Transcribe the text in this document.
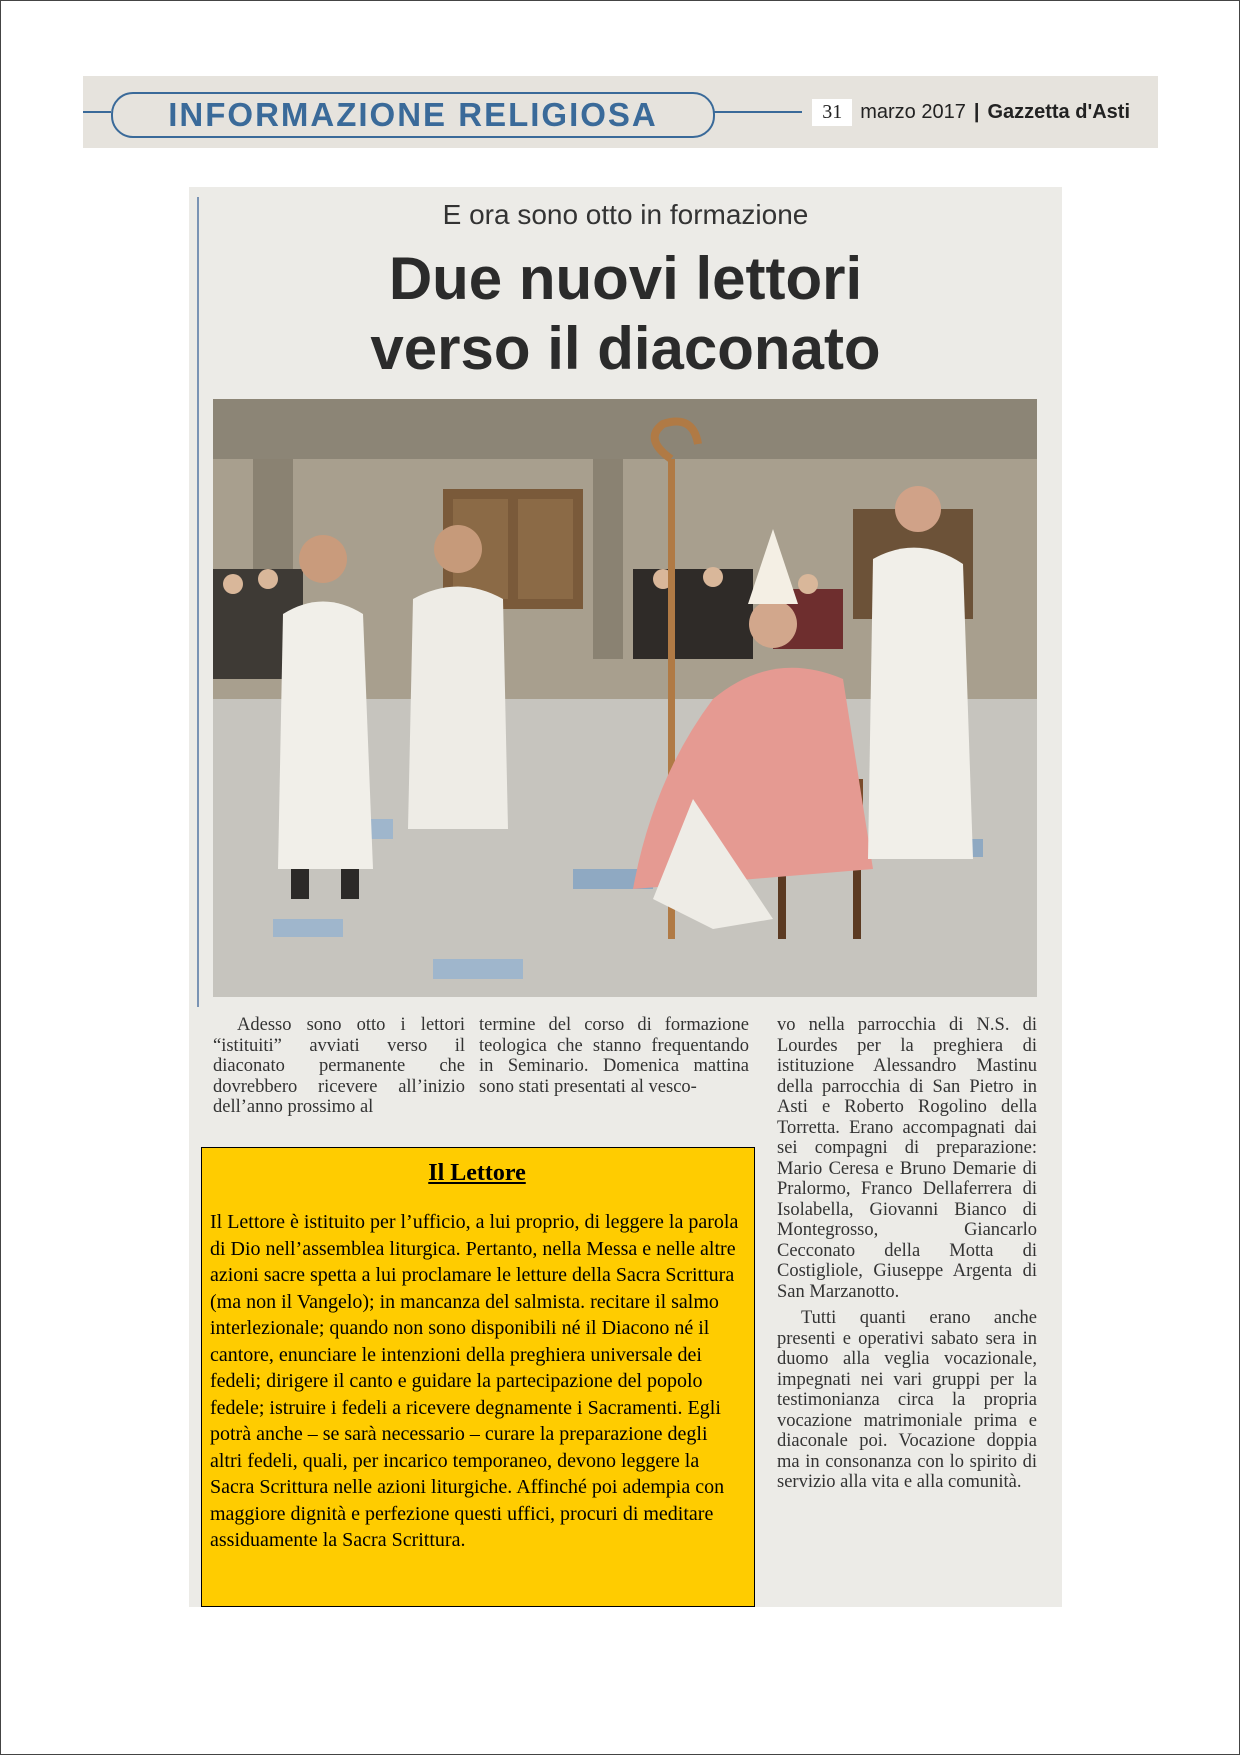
INFORMAZIONE RELIGIOSA	31 marzo 2017 | Gazzetta d'Asti
E ora sono otto in formazione
Due nuovi lettori
verso il diaconato

Adesso sono otto i lettori “istituiti” avviati verso il diaconato permanente che dovrebbero ricevere all’inizio dell’anno prossimo al

termine del corso di formazione teologica che stanno frequentando in Seminario. Domenica mattina sono stati presentati al vesco-

vo nella parrocchia di N.S. di Lourdes per la preghiera di istituzione Alessandro Mastinu della parrocchia di San Pietro in Asti e Roberto Rogolino della Torretta. Erano accompagnati dai sei compagni di preparazione: Mario Ceresa e Bruno Demarie di Pralormo, Franco Dellaferrera di Isolabella, Giovanni Bianco di Montegrosso, Giancarlo Cecconato della Motta di Costigliole, Giuseppe Argenta di San Marzanotto.

Tutti quanti erano anche presenti e operativi sabato sera in duomo alla veglia vocazionale, impegnati nei vari gruppi per la testimonianza circa la propria vocazione matrimoniale prima e diaconale poi. Vocazione doppia ma in consonanza con lo spirito di servizio alla vita e alla comunità.

Il Lettore

Il Lettore è istituito per l’ufficio, a lui proprio, di leggere la parola di Dio nell’assemblea liturgica. Pertanto, nella Messa e nelle altre azioni sacre spetta a lui proclamare le letture della Sacra Scrittura (ma non il Vangelo); in mancanza del salmista. recitare il salmo interlezionale; quando non sono disponibili né il Diacono né il cantore, enunciare le intenzioni della preghiera universale dei fedeli; dirigere il canto e guidare la partecipazione del popolo fedele; istruire i fedeli a ricevere degnamente i Sacramenti. Egli potrà anche – se sarà necessario – curare la preparazione degli altri fedeli, quali, per incarico temporaneo, devono leggere la Sacra Scrittura nelle azioni liturgiche. Affinché poi adempia con maggiore dignità e perfezione questi uffici, procuri di meditare assiduamente la Sacra Scrittura.
